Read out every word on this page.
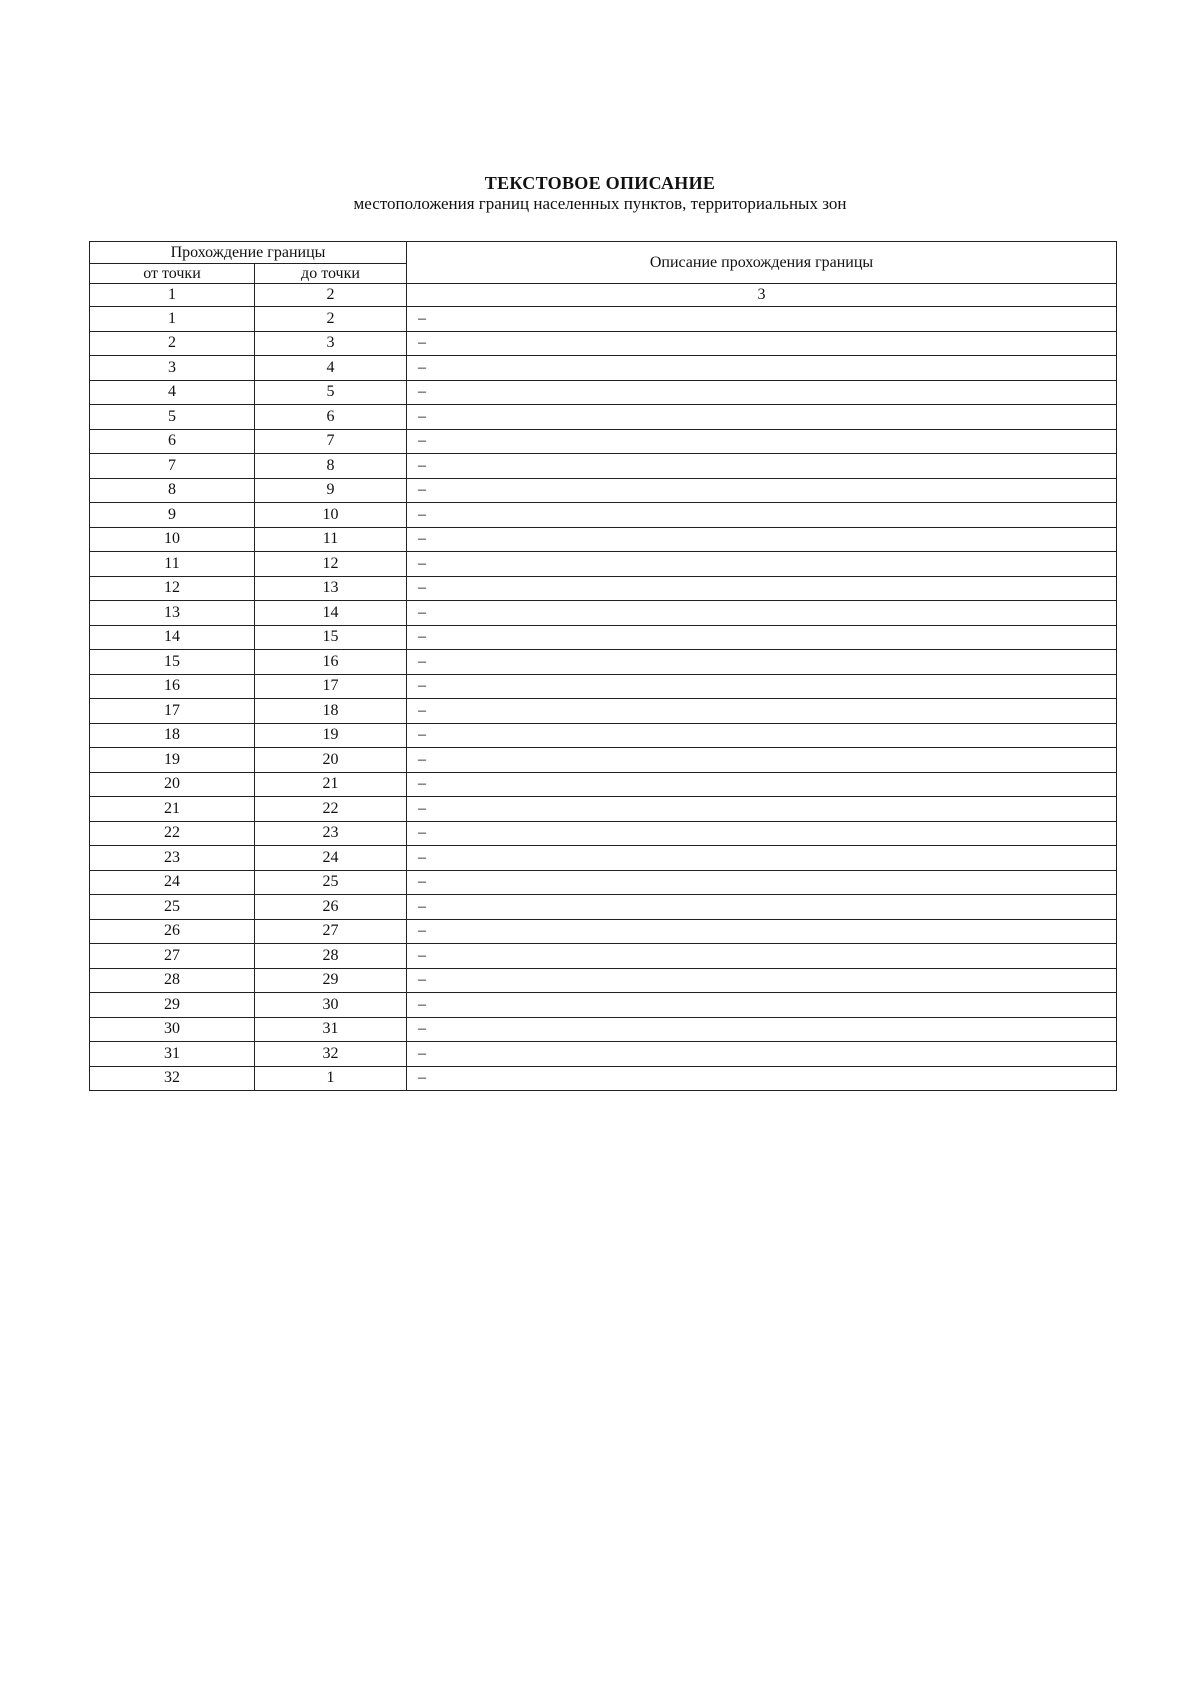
ТЕКСТОВОЕ ОПИСАНИЕ
местоположения границ населенных пунктов, территориальных зон
Прохождение границы		Описание прохождения границы
от точки	до точки	
1	2	3
1	2	–
2	3	–
3	4	–
4	5	–
5	6	–
6	7	–
7	8	–
8	9	–
9	10	–
10	11	–
11	12	–
12	13	–
13	14	–
14	15	–
15	16	–
16	17	–
17	18	–
18	19	–
19	20	–
20	21	–
21	22	–
22	23	–
23	24	–
24	25	–
25	26	–
26	27	–
27	28	–
28	29	–
29	30	–
30	31	–
31	32	–
32	1	–
